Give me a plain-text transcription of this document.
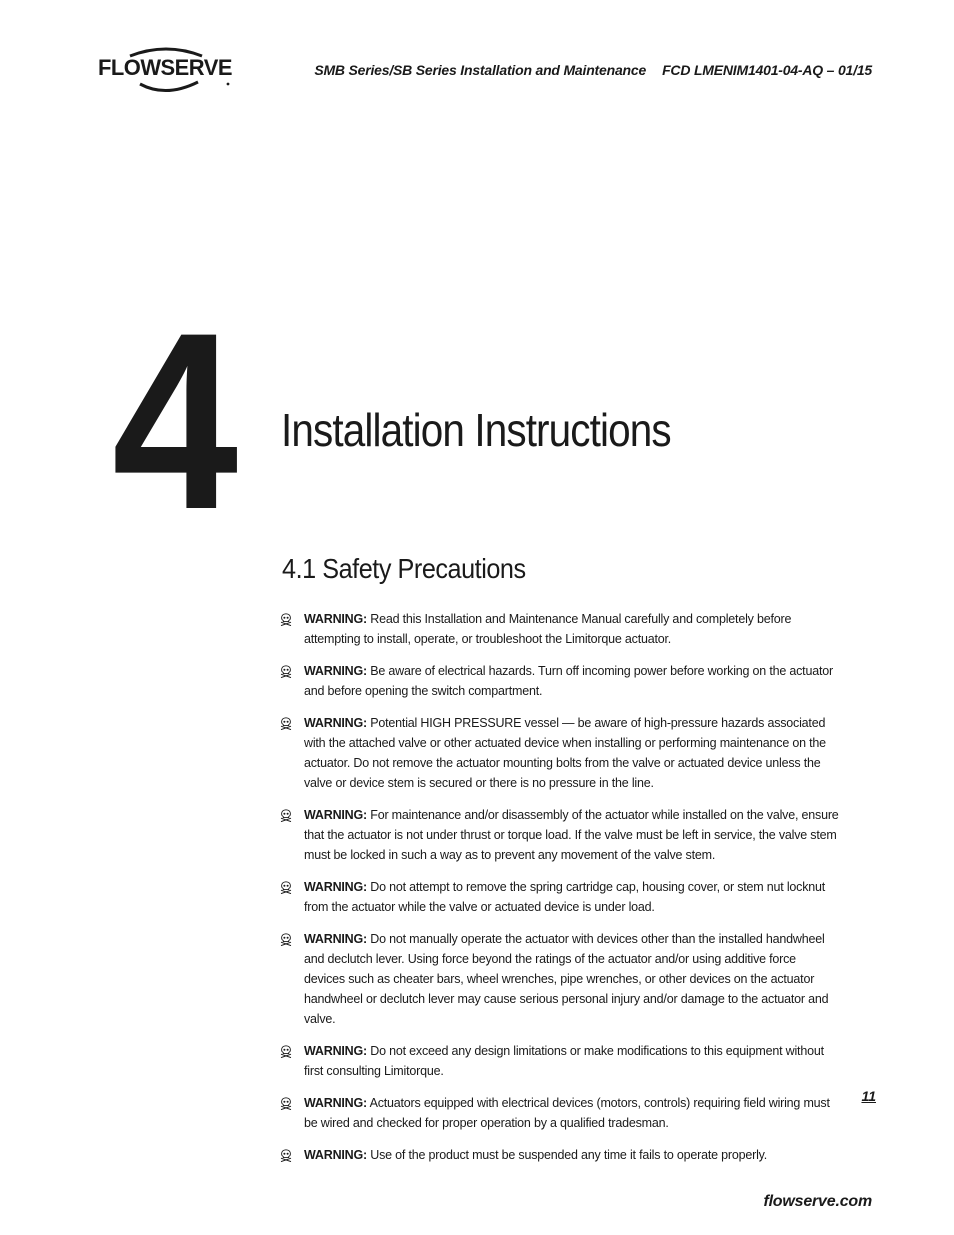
FLOWSERVE	SMB Series/SB Series Installation and Maintenance FCD LMENIM1401-04-AQ – 01/15
4 Installation Instructions
4.1 Safety Precautions
WARNING: Read this Installation and Maintenance Manual carefully and completely before attempting to install, operate, or troubleshoot the Limitorque actuator.
WARNING: Be aware of electrical hazards. Turn off incoming power before working on the actuator and before opening the switch compartment.
WARNING: Potential HIGH PRESSURE vessel — be aware of high-pressure hazards associated with the attached valve or other actuated device when installing or performing maintenance on the actuator. Do not remove the actuator mounting bolts from the valve or actuated device unless the valve or device stem is secured or there is no pressure in the line.
WARNING: For maintenance and/or disassembly of the actuator while installed on the valve, ensure that the actuator is not under thrust or torque load. If the valve must be left in service, the valve stem must be locked in such a way as to prevent any movement of the valve stem.
WARNING: Do not attempt to remove the spring cartridge cap, housing cover, or stem nut locknut from the actuator while the valve or actuated device is under load.
WARNING: Do not manually operate the actuator with devices other than the installed handwheel and declutch lever. Using force beyond the ratings of the actuator and/or using additive force devices such as cheater bars, wheel wrenches, pipe wrenches, or other devices on the actuator handwheel or declutch lever may cause serious personal injury and/or damage to the actuator and valve.
WARNING: Do not exceed any design limitations or make modifications to this equipment without first consulting Limitorque.
WARNING: Actuators equipped with electrical devices (motors, controls) requiring field wiring must be wired and checked for proper operation by a qualified tradesman.
WARNING: Use of the product must be suspended any time it fails to operate properly.
11
flowserve.com
